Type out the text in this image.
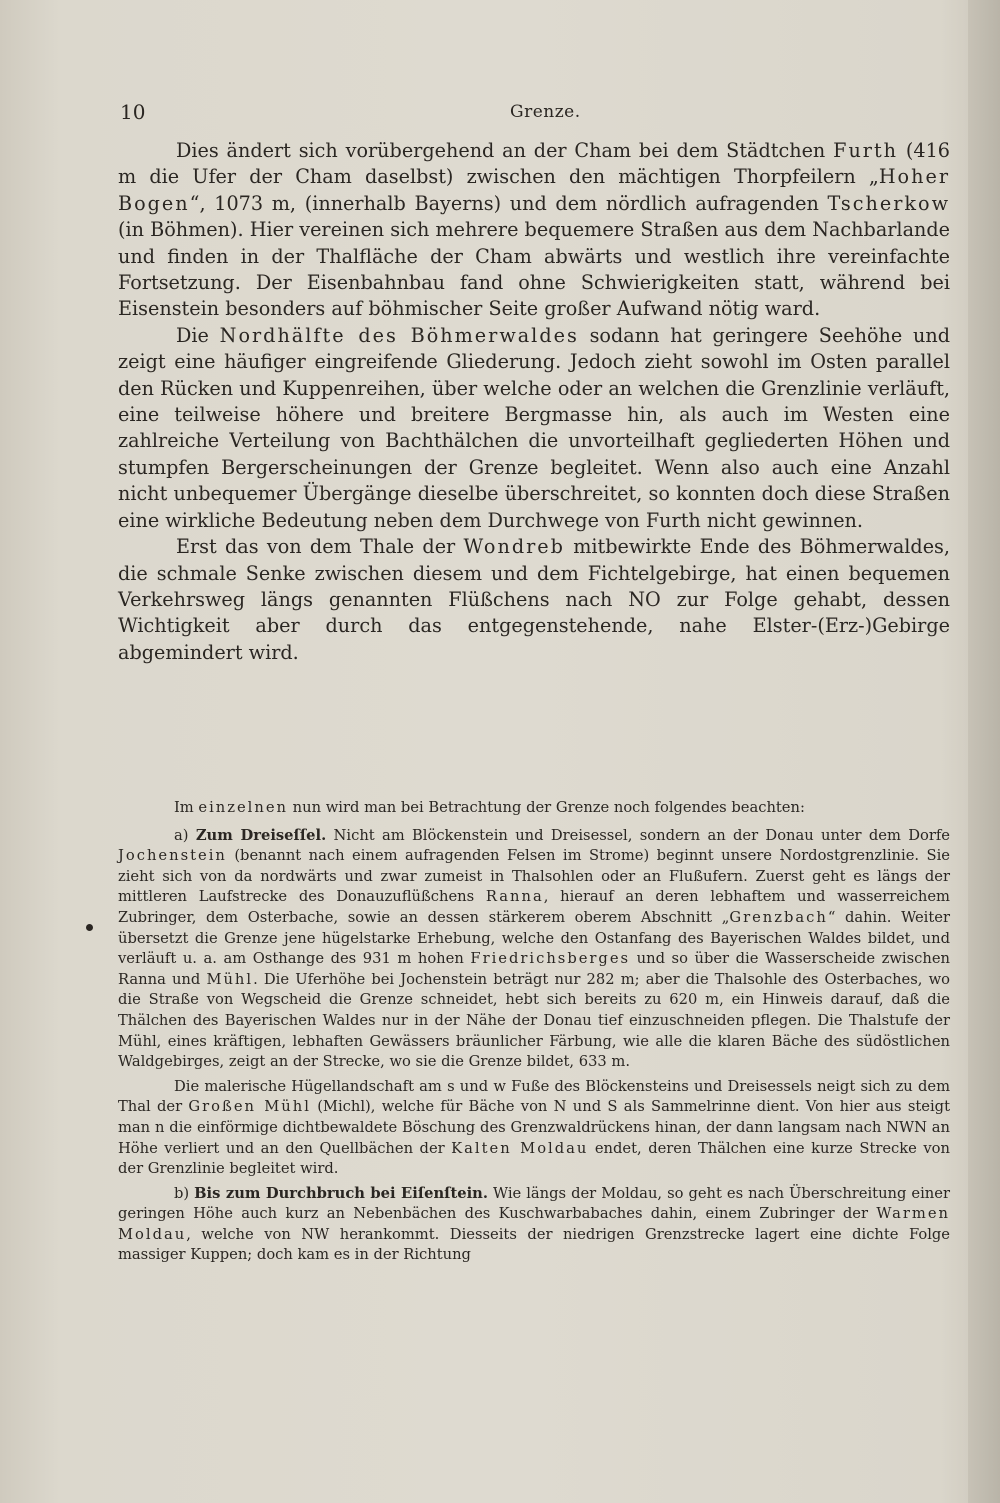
10	Grenze.

Dies ändert sich vorübergehend an der Cham bei dem Städtchen Furth (416 m die Ufer der Cham daselbst) zwischen den mächtigen Thorpfeilern „Hoher Bogen“, 1073 m, (innerhalb Bayerns) und dem nördlich aufragenden Tscherkow (in Böhmen). Hier vereinen sich mehrere bequemere Straßen aus dem Nachbarlande und finden in der Thalfläche der Cham abwärts und westlich ihre vereinfachte Fortsetzung. Der Eisenbahnbau fand ohne Schwierigkeiten statt, während bei Eisenstein besonders auf böhmischer Seite großer Aufwand nötig ward.

Die Nordhälfte des Böhmerwaldes sodann hat geringere Seehöhe und zeigt eine häufiger eingreifende Gliederung. Jedoch zieht sowohl im Osten parallel den Rücken und Kuppenreihen, über welche oder an welchen die Grenzlinie verläuft, eine teilweise höhere und breitere Bergmasse hin, als auch im Westen eine zahlreiche Verteilung von Bachthälchen die unvorteilhaft gegliederten Höhen und stumpfen Bergerscheinungen der Grenze begleitet. Wenn also auch eine Anzahl nicht unbequemer Übergänge dieselbe überschreitet, so konnten doch diese Straßen eine wirkliche Bedeutung neben dem Durchwege von Furth nicht gewinnen.

Erst das von dem Thale der Wondreb mitbewirkte Ende des Böhmerwaldes, die schmale Senke zwischen diesem und dem Fichtelgebirge, hat einen bequemen Verkehrsweg längs genannten Flüßchens nach NO zur Folge gehabt, dessen Wichtigkeit aber durch das entgegenstehende, nahe Elster-(Erz-)Gebirge abgemindert wird.

Im einzelnen nun wird man bei Betrachtung der Grenze noch folgendes beachten:

a) Zum Dreiseſſel. Nicht am Blöckenstein und Dreisessel, sondern an der Donau unter dem Dorfe Jochenstein (benannt nach einem aufragenden Felsen im Strome) beginnt unsere Nordostgrenzlinie. Sie zieht sich von da nordwärts und zwar zumeist in Thalsohlen oder an Flußufern. Zuerst geht es längs der mittleren Laufstrecke des Donauzuflüßchens Ranna, hierauf an deren lebhaftem und wasserreichem Zubringer, dem Osterbache, sowie an dessen stärkerem oberem Abschnitt „Grenzbach“ dahin. Weiter übersetzt die Grenze jene hügelstarke Erhebung, welche den Ostanfang des Bayerischen Waldes bildet, und verläuft u. a. am Osthange des 931 m hohen Friedrichsberges und so über die Wasserscheide zwischen Ranna und Mühl. Die Uferhöhe bei Jochenstein beträgt nur 282 m; aber die Thalsohle des Osterbaches, wo die Straße von Wegscheid die Grenze schneidet, hebt sich bereits zu 620 m, ein Hinweis darauf, daß die Thälchen des Bayerischen Waldes nur in der Nähe der Donau tief einzuschneiden pflegen. Die Thalstufe der Mühl, eines kräftigen, lebhaften Gewässers bräunlicher Färbung, wie alle die klaren Bäche des südöstlichen Waldgebirges, zeigt an der Strecke, wo sie die Grenze bildet, 633 m.

Die malerische Hügellandschaft am s und w Fuße des Blöckensteins und Dreisessels neigt sich zu dem Thal der Großen Mühl (Michl), welche für Bäche von N und S als Sammelrinne dient. Von hier aus steigt man n die einförmige dichtbewaldete Böschung des Grenzwaldrückens hinan, der dann langsam nach NWN an Höhe verliert und an den Quellbächen der Kalten Moldau endet, deren Thälchen eine kurze Strecke von der Grenzlinie begleitet wird.

b) Bis zum Durchbruch bei Eiſenſtein. Wie längs der Moldau, so geht es nach Überschreitung einer geringen Höhe auch kurz an Nebenbächen des Kuschwarbabaches dahin, einem Zubringer der Warmen Moldau, welche von NW herankommt. Diesseits der niedrigen Grenzstrecke lagert eine dichte Folge massiger Kuppen; doch kam es in der Richtung
